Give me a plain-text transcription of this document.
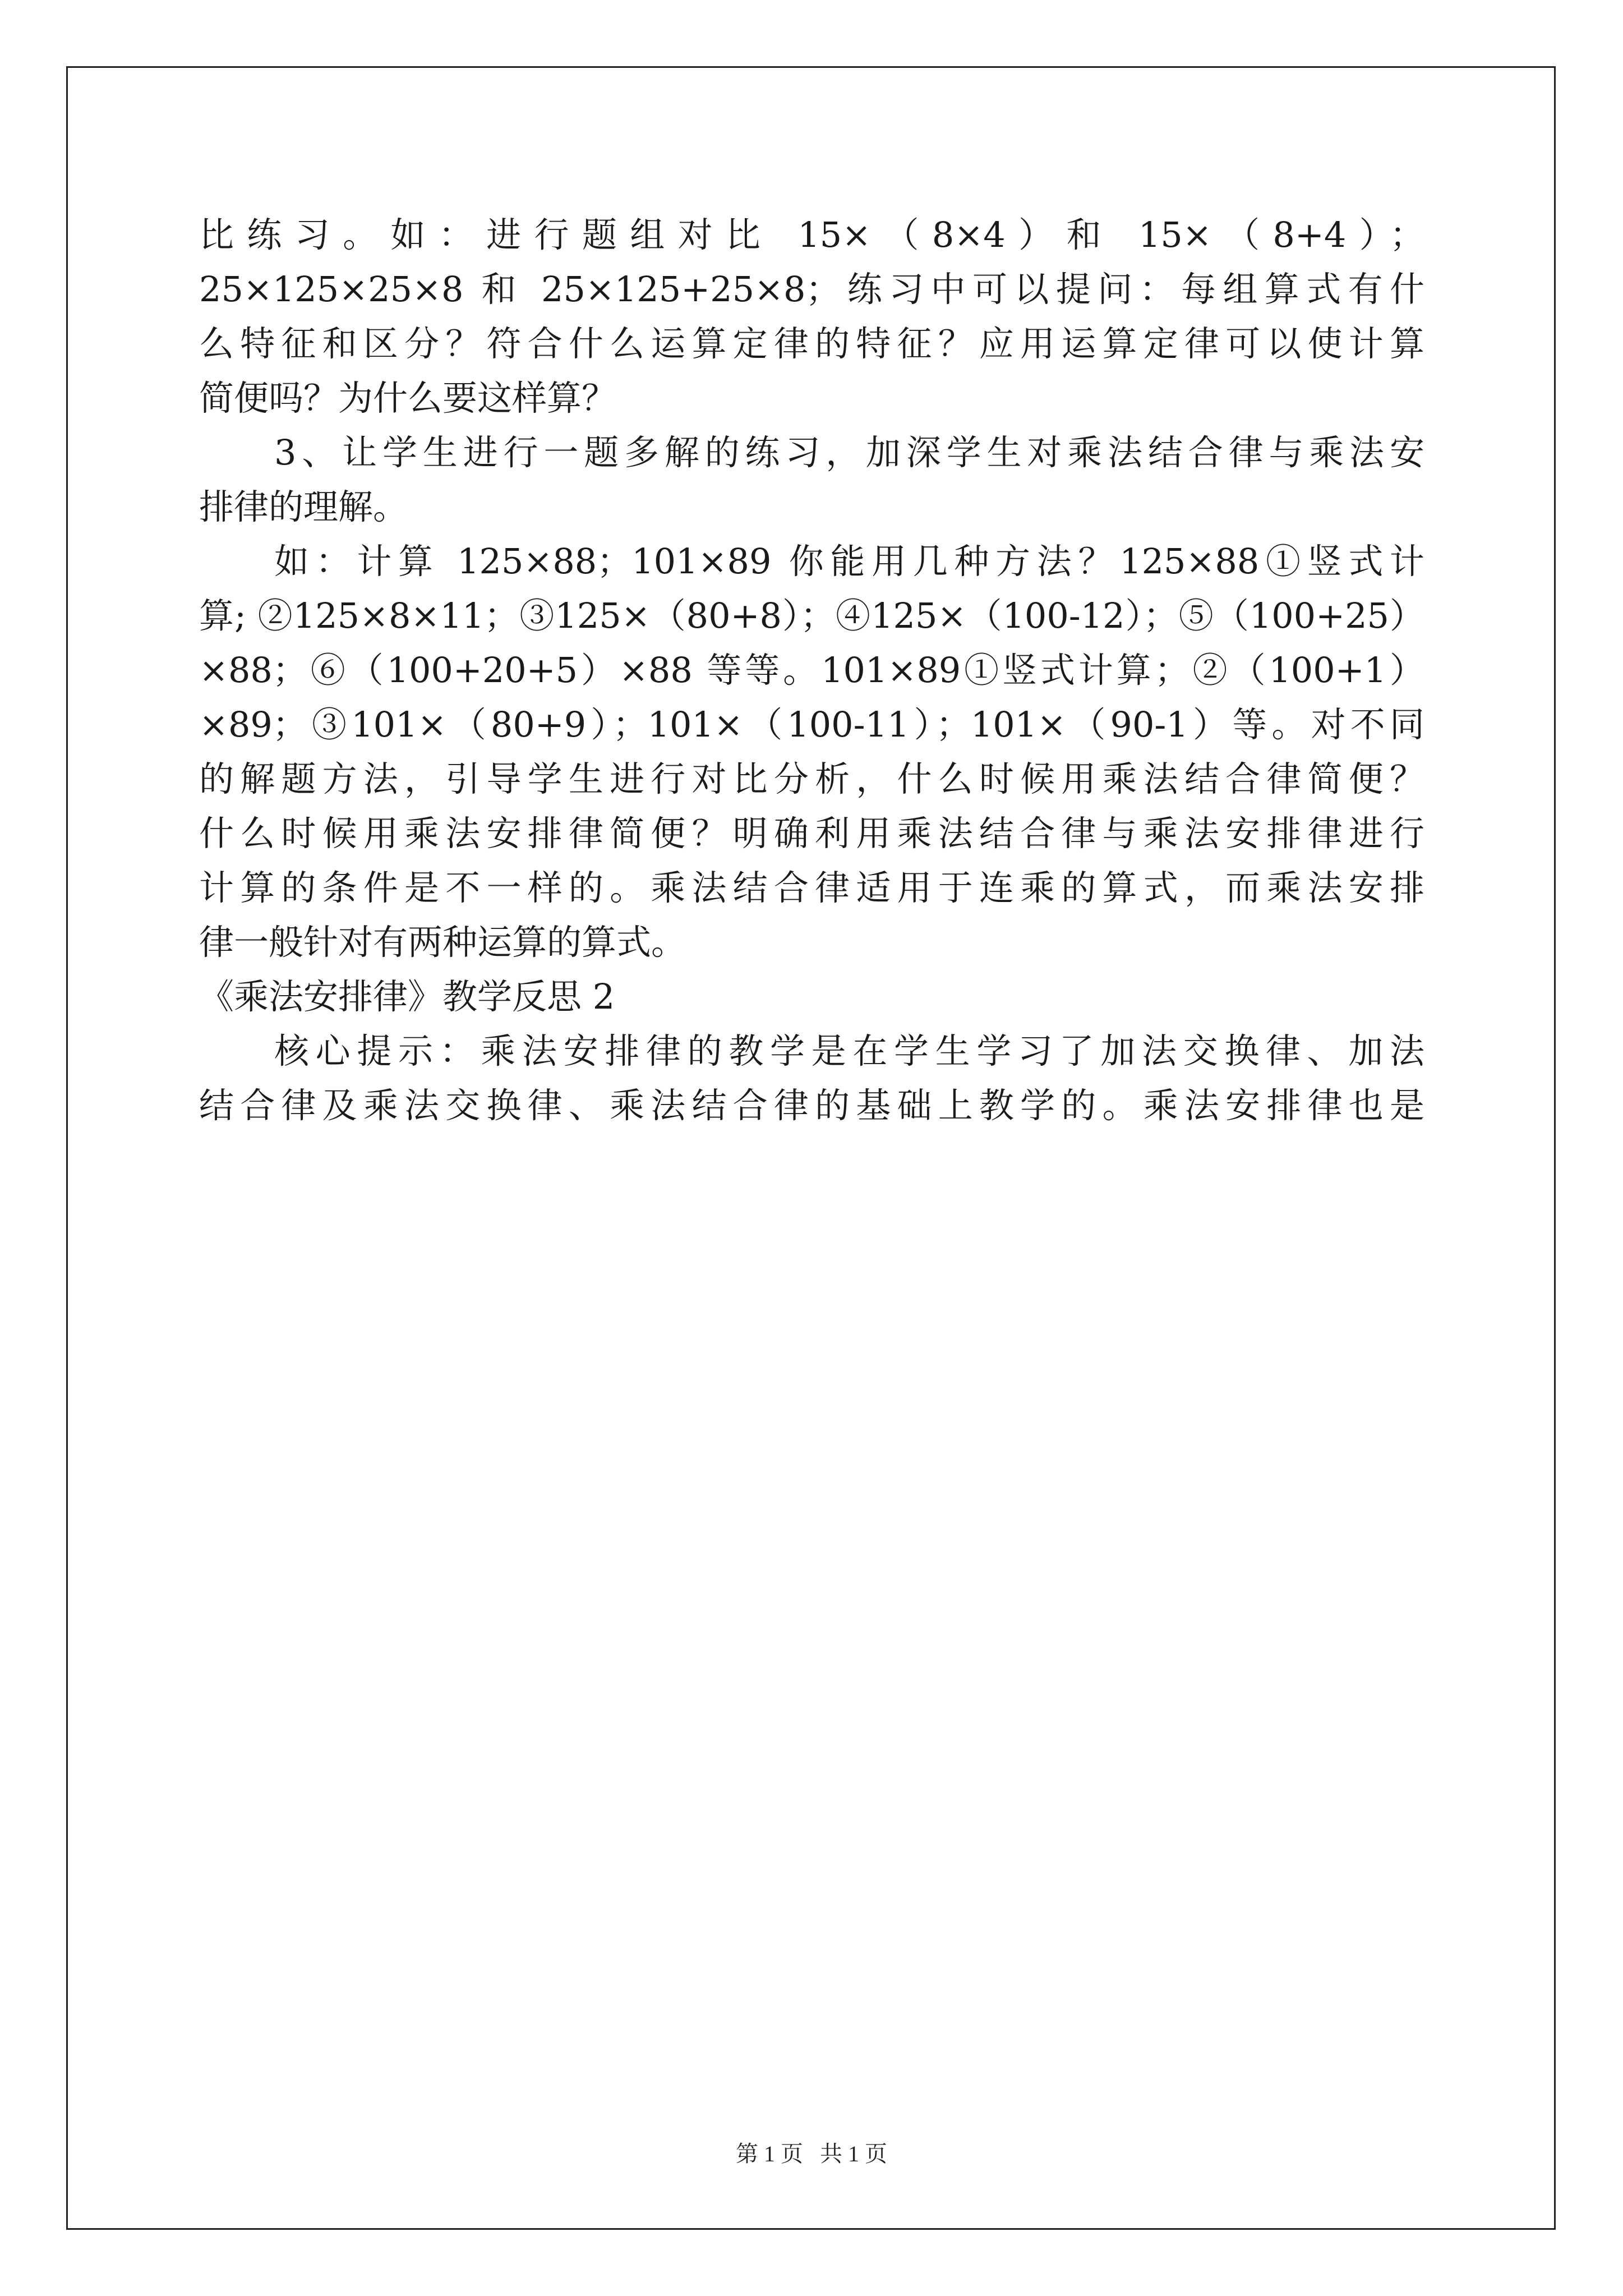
比练习。如：进行题组对比 15×（8×4）和 15×（8+4）；
25×125×25×8 和 25×125+25×8；练习中可以提问：每组算式有什
么特征和区分？符合什么运算定律的特征？应用运算定律可以使计算
简便吗？为什么要这样算？
3、让学生进行一题多解的练习，加深学生对乘法结合律与乘法安
排律的理解。
如：计算 125×88；101×89 你能用几种方法？125×88①竖式计
算; ②125×8×11；③125×（80+8）；④125×（100-12）；⑤（100+25）
×88；⑥（100+20+5）×88 等等。101×89①竖式计算；②（100+1）
×89；③101×（80+9）；101×（100-11）；101×（90-1）等。对不同
的解题方法，引导学生进行对比分析，什么时候用乘法结合律简便？
什么时候用乘法安排律简便？明确利用乘法结合律与乘法安排律进行
计算的条件是不一样的。乘法结合律适用于连乘的算式，而乘法安排
律一般针对有两种运算的算式。
《乘法安排律》教学反思 2
核心提示：乘法安排律的教学是在学生学习了加法交换律、加法
结合律及乘法交换律、乘法结合律的基础上教学的。乘法安排律也是
第 1 页 共 1 页
